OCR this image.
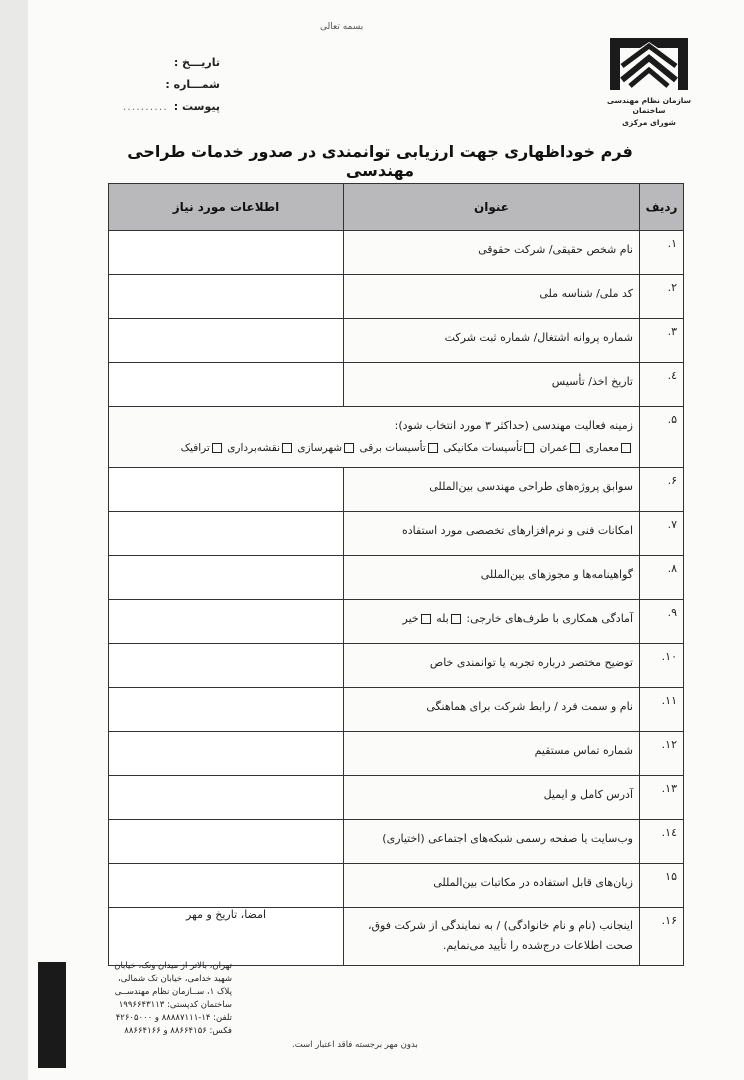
بسمه تعالی
سازمان نظام مهندسی ساختمان
شورای مرکزی
تاریـــخ :
شمـــاره :
پیوست :
..........
فرم خوداظهاری جهت ارزیابی توانمندی در صدور خدمات طراحی مهندسی
ردیف	عنوان	اطلاعات مورد نیاز
۱.	نام شخص حقیقی/ شرکت حقوقی	
۲.	کد ملی/ شناسه ملی	
۳.	شماره پروانه اشتغال/ شماره ثبت شرکت	
٤.	تاریخ اخذ/ تأسیس	
۵.	زمینه فعالیت مهندسی (حداکثر ۳ مورد انتخاب شود):
معماری عمران تأسیسات مکانیکی تأسیسات برقی شهرسازی نقشه‌برداری ترافیک	

۶.	سوابق پروژه‌های طراحی مهندسی بین‌المللی	
۷.	امکانات فنی و نرم‌افزارهای تخصصی مورد استفاده	
۸.	گواهینامه‌ها و مجوزهای بین‌المللی	
۹.	آمادگی همکاری با طرف‌های خارجی: بله خیر	
۱۰.	توضیح مختصر درباره تجربه یا توانمندی خاص	
۱۱.	نام و سمت فرد / رابط شرکت برای هماهنگی	
۱۲.	شماره تماس مستقیم	
۱۳.	آدرس کامل و ایمیل	
۱٤.	وب‌سایت یا صفحه رسمی شبکه‌های اجتماعی (اختیاری)	
۱۵	زبان‌های قابل استفاده در مکاتبات بین‌المللی	
۱۶.	اینجانب (نام و نام خانوادگی) / به نمایندگی از شرکت فوق، صحت اطلاعات درج‌شده را تأیید می‌نمایم.	امضا، تاریخ و مهر
تهران، بالاتر از میدان ونک، خیابان
شهید خدامی، خیابان تک شمالی،
پلاک ۱، ســازمان نظام مهندســی
ساختمان کدپستی: ۱۹۹۶۶۴۳۱۱۳
تلفن: ۱۴-۸۸۸۸۷۱۱۱ و ۴۲۶۰۵۰۰۰
فکس: ۸۸۶۶۴۱۵۶ و ۸۸۶۶۴۱۶۶
بدون مهر برجسته فاقد اعتبار است.
